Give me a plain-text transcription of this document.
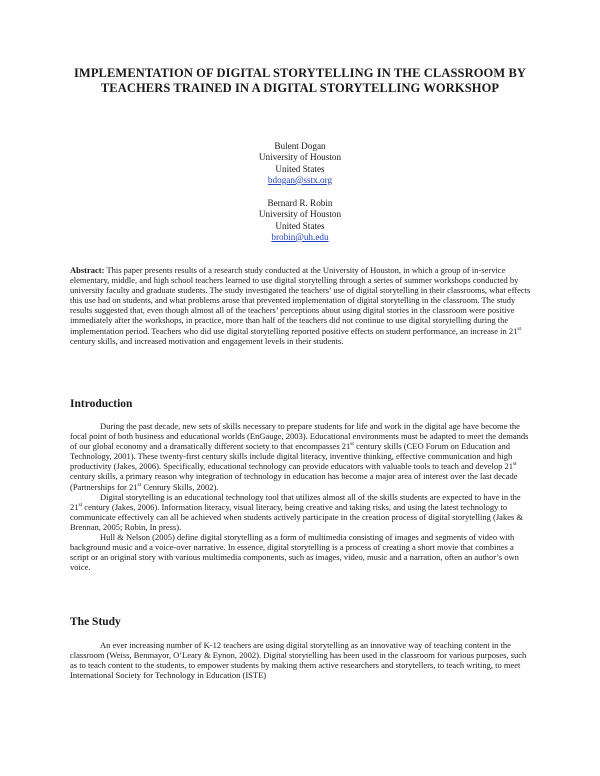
IMPLEMENTATION OF DIGITAL STORYTELLING IN THE CLASSROOM BY TEACHERS TRAINED IN A DIGITAL STORYTELLING WORKSHOP
Bulent Dogan
University of Houston
United States
bdogan@sstx.org
Bernard R. Robin
University of Houston
United States
brobin@uh.edu
Abstract: This paper presents results of a research study conducted at the University of Houston, in which a group of in-service elementary, middle, and high school teachers learned to use digital storytelling through a series of summer workshops conducted by university faculty and graduate students. The study investigated the teachers’ use of digital storytelling in their classrooms, what effects this use had on students, and what problems arose that prevented implementation of digital storytelling in the classroom. The study results suggested that, even though almost all of the teachers’ perceptions about using digital stories in the classroom were positive immediately after the workshops, in practice, more than half of the teachers did not continue to use digital storytelling during the implementation period. Teachers who did use digital storytelling reported positive effects on student performance, an increase in 21st century skills, and increased motivation and engagement levels in their students.
Introduction

During the past decade, new sets of skills necessary to prepare students for life and work in the digital age have become the focal point of both business and educational worlds (EnGauge, 2003). Educational environments must be adapted to meet the demands of our global economy and a dramatically different society to that encompasses 21st century skills (CEO Forum on Education and Technology, 2001). These twenty-first century skills include digital literacy, inventive thinking, effective communication and high productivity (Jakes, 2006). Specifically, educational technology can provide educators with valuable tools to teach and develop 21st century skills, a primary reason why integration of technology in education has become a major area of interest over the last decade (Partnerships for 21st Century Skills, 2002).

Digital storytelling is an educational technology tool that utilizes almost all of the skills students are expected to have in the 21st century (Jakes, 2006). Information literacy, visual literacy, being creative and taking risks, and using the latest technology to communicate effectively can all be achieved when students actively participate in the creation process of digital storytelling (Jakes & Brennan, 2005; Robin, In press).

Hull & Nelson (2005) define digital storytelling as a form of multimedia consisting of images and segments of video with background music and a voice-over narrative. In essence, digital storytelling is a process of creating a short movie that combines a script or an original story with various multimedia components, such as images, video, music and a narration, often an author’s own voice.

The Study

An ever increasing number of K-12 teachers are using digital storytelling as an innovative way of teaching content in the classroom (Weiss, Benmayor, O’Leary & Eynon, 2002). Digital storytelling has been used in the classroom for various purposes, such as to teach content to the students, to empower students by making them active researchers and storytellers, to teach writing, to meet International Society for Technology in Education (ISTE)
